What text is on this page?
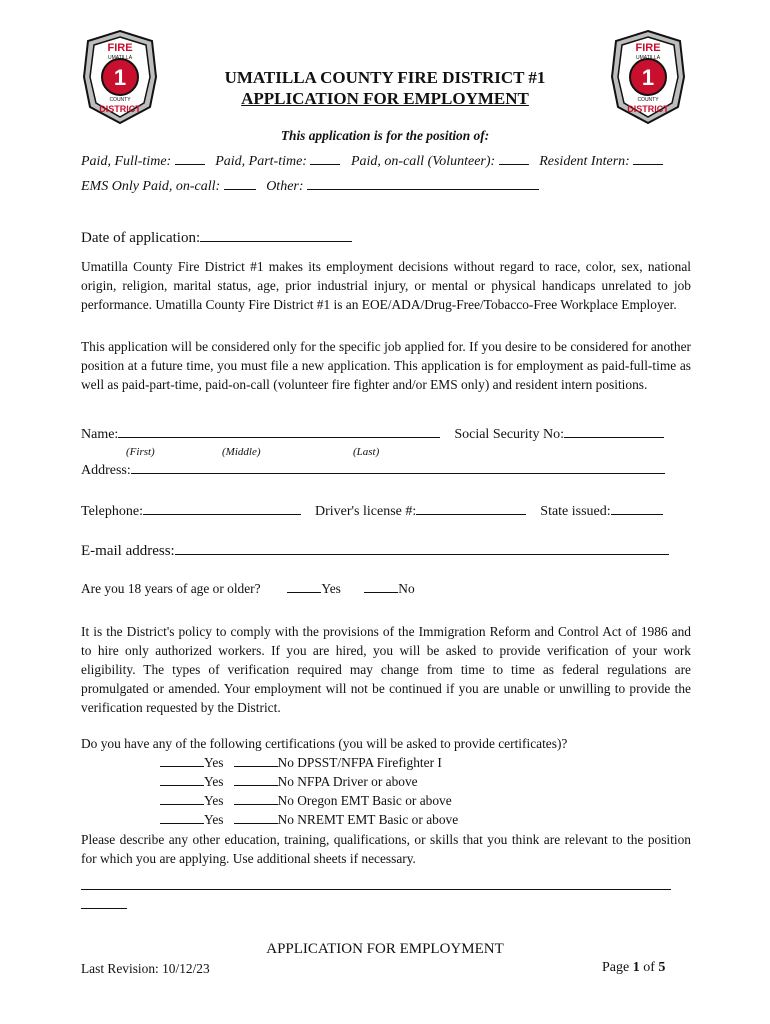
1
FIRE
UMATILLA
COUNTY
DISTRICT
1
FIRE
UMATILLA
COUNTY
DISTRICT
UMATILLA COUNTY FIRE DISTRICT #1
APPLICATION FOR EMPLOYMENT
This application is for the position of:
Paid, Full-time:	Paid, Part-time:	Paid, on-call (Volunteer):	Resident Intern:
EMS Only Paid, on-call:	Other:
Date of application:
Umatilla County Fire District #1 makes its employment decisions without regard to race, color, sex, national origin, religion, marital status, age, prior industrial injury, or mental or physical handicaps unrelated to job performance. Umatilla County Fire District #1 is an EOE/ADA/Drug-Free/Tobacco-Free Workplace Employer.
This application will be considered only for the specific job applied for. If you desire to be considered for another position at a future time, you must file a new application. This application is for employment as paid-full-time as well as paid-part-time, paid-on-call (volunteer fire fighter and/or EMS only) and resident intern positions.
Name:	Social Security No:
(First)	(Middle)	(Last)
Address:
Telephone:	Driver's license #:	State issued:
E-mail address:
Are you 18 years of age or older?	Yes	No
It is the District's policy to comply with the provisions of the Immigration Reform and Control Act of 1986 and to hire only authorized workers. If you are hired, you will be asked to provide verification of your work eligibility. The types of verification required may change from time to time as federal regulations are promulgated or amended. Your employment will not be continued if you are unable or unwilling to provide the verification requested by the District.
Do you have any of the following certifications (you will be asked to provide certificates)?
Yes	No DPSST/NFPA Firefighter I
Yes	No NFPA Driver or above
Yes	No Oregon EMT Basic or above
Yes	No NREMT EMT Basic or above
Please describe any other education, training, qualifications, or skills that you think are relevant to the position for which you are applying. Use additional sheets if necessary.
APPLICATION FOR EMPLOYMENT
Last Revision: 10/12/23	Page 1 of 5
